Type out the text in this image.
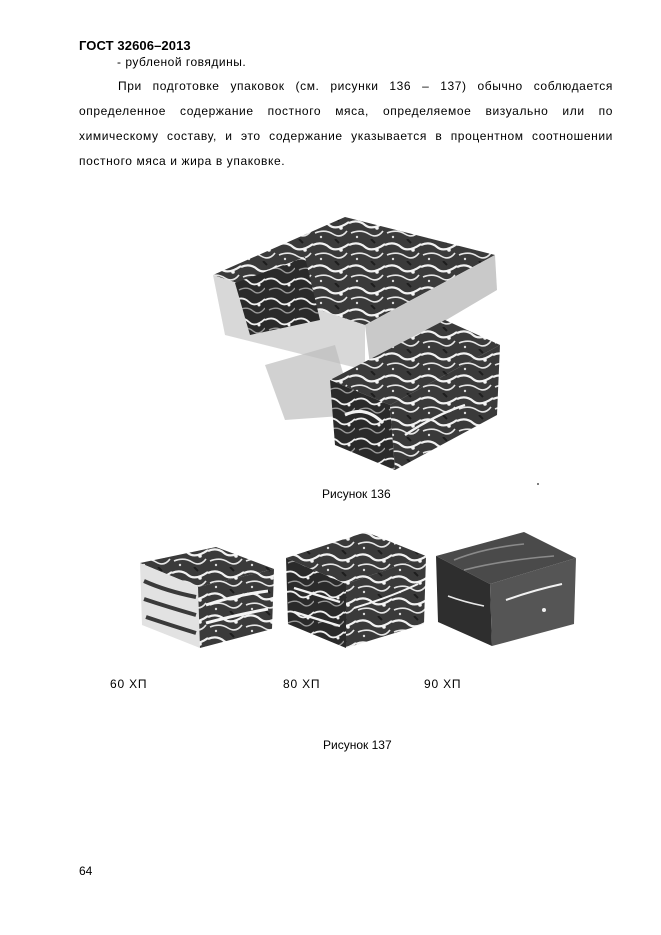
ГОСТ 32606–2013
- рубленой говядины.

При подготовке упаковок (см. рисунки 136 – 137) обычно соблюдается определенное содержание постного мяса, определяемое визуально или по химическому составу, и это содержание указывается в процентном соотношении постного мяса и жира в упаковке.

Рисунок 136
60 ХП	80 ХП	90 ХП
Рисунок 137
64
